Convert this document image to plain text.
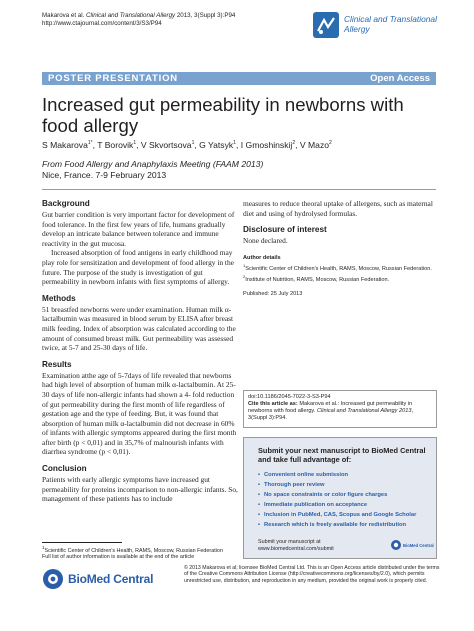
Makarova et al. Clinical and Translational Allergy 2013, 3(Suppl 3):P94
http://www.ctajournal.com/content/3/S3/P94	Clinical and Translational
Allergy
POSTER PRESENTATION	Open Access
Increased gut permeability in newborns with food allergy
S Makarova$^{1*}$, T Borovik$^1$, V Skvortsova$^1$, G Yatsyk$^1$, I Gmoshinskij$^2$, V Mazo$^2$
From Food Allergy and Anaphylaxis Meeting (FAAM 2013)
Nice, France. 7-9 February 2013
Background

Gut barrier condition is very important factor for development of food tolerance. In the first few years of life, humans gradually develop an intricate balance between tolerance and immune reactivity in the gut mucosa.

Increased absorption of food antigens in early childhood may play role for sensitization and development of food allergy in the future. The purpose of the study is investigation of gut permeability in newborn infants with first symptoms of allergy.

Methods

51 breastfed newborns were under examination. Human milk α-lactalbumin was measured in blood serum by ELISA after breast milk feeding. Index of absorption was calculated according to the amount of consumed breast milk. Gut permeability was assessed twice, at 5-7 and 25-30 days of life.

Results

Examination atthe age of 5-7days of life revealed that newborns had high level of absorption of human milk α-lactalbumin. At 25-30 days of life non-allergic infants had shown a 4- fold reduction of gut permeability during the first month of life regardless of gestation age and the type of feeding. But, it was found that absorption of human milk α-lactalbumin did not decrease in 60% of infants with allergic symptoms appeared during the first month after birth (p < 0,01) and in 35,7% of malnourish infants with diarrhea syndrome (p < 0,01).

Conclusion

Patients with early allergic symptoms have increased gut permeability for proteins incomparison to non-allergic infants. So, management of these patients has to include

measures to reduce theoral uptake of allergens, such as maternal diet and using of hydrolysed formulas.

Disclosure of interest

None declared.

Author details
$^1$Scientific Center of Children's Health, RAMS, Moscow, Russian Federation.
$^2$Institute of Nutrition, RAMS, Moscow, Russian Federation.
Published: 25 July 2013
doi:10.1186/2045-7022-3-S3-P94
Cite this article as: Makarova et al.: Increased gut permeability in newborns with food allergy. Clinical and Translational Allergy 2013, 3(Suppl 3):P94.
Submit your next manuscript to BioMed Central and take full advantage of:
• Convenient online submission
• Thorough peer review
• No space constraints or color figure charges
• Immediate publication on acceptance
• Inclusion in PubMed, CAS, Scopus and Google Scholar
• Research which is freely available for redistribution
Submit your manuscript at
www.biomedcentral.com/submit
BioMed Central
$^1$Scientific Center of Children's Health, RAMS, Moscow, Russian Federation
Full list of author information is available at the end of the article
BioMed Central
© 2013 Makarova et al; licensee BioMed Central Ltd. This is an Open Access article distributed under the terms of the Creative Commons Attribution License (http://creativecommons.org/licenses/by/2.0), which permits unrestricted use, distribution, and reproduction in any medium, provided the original work is properly cited.
